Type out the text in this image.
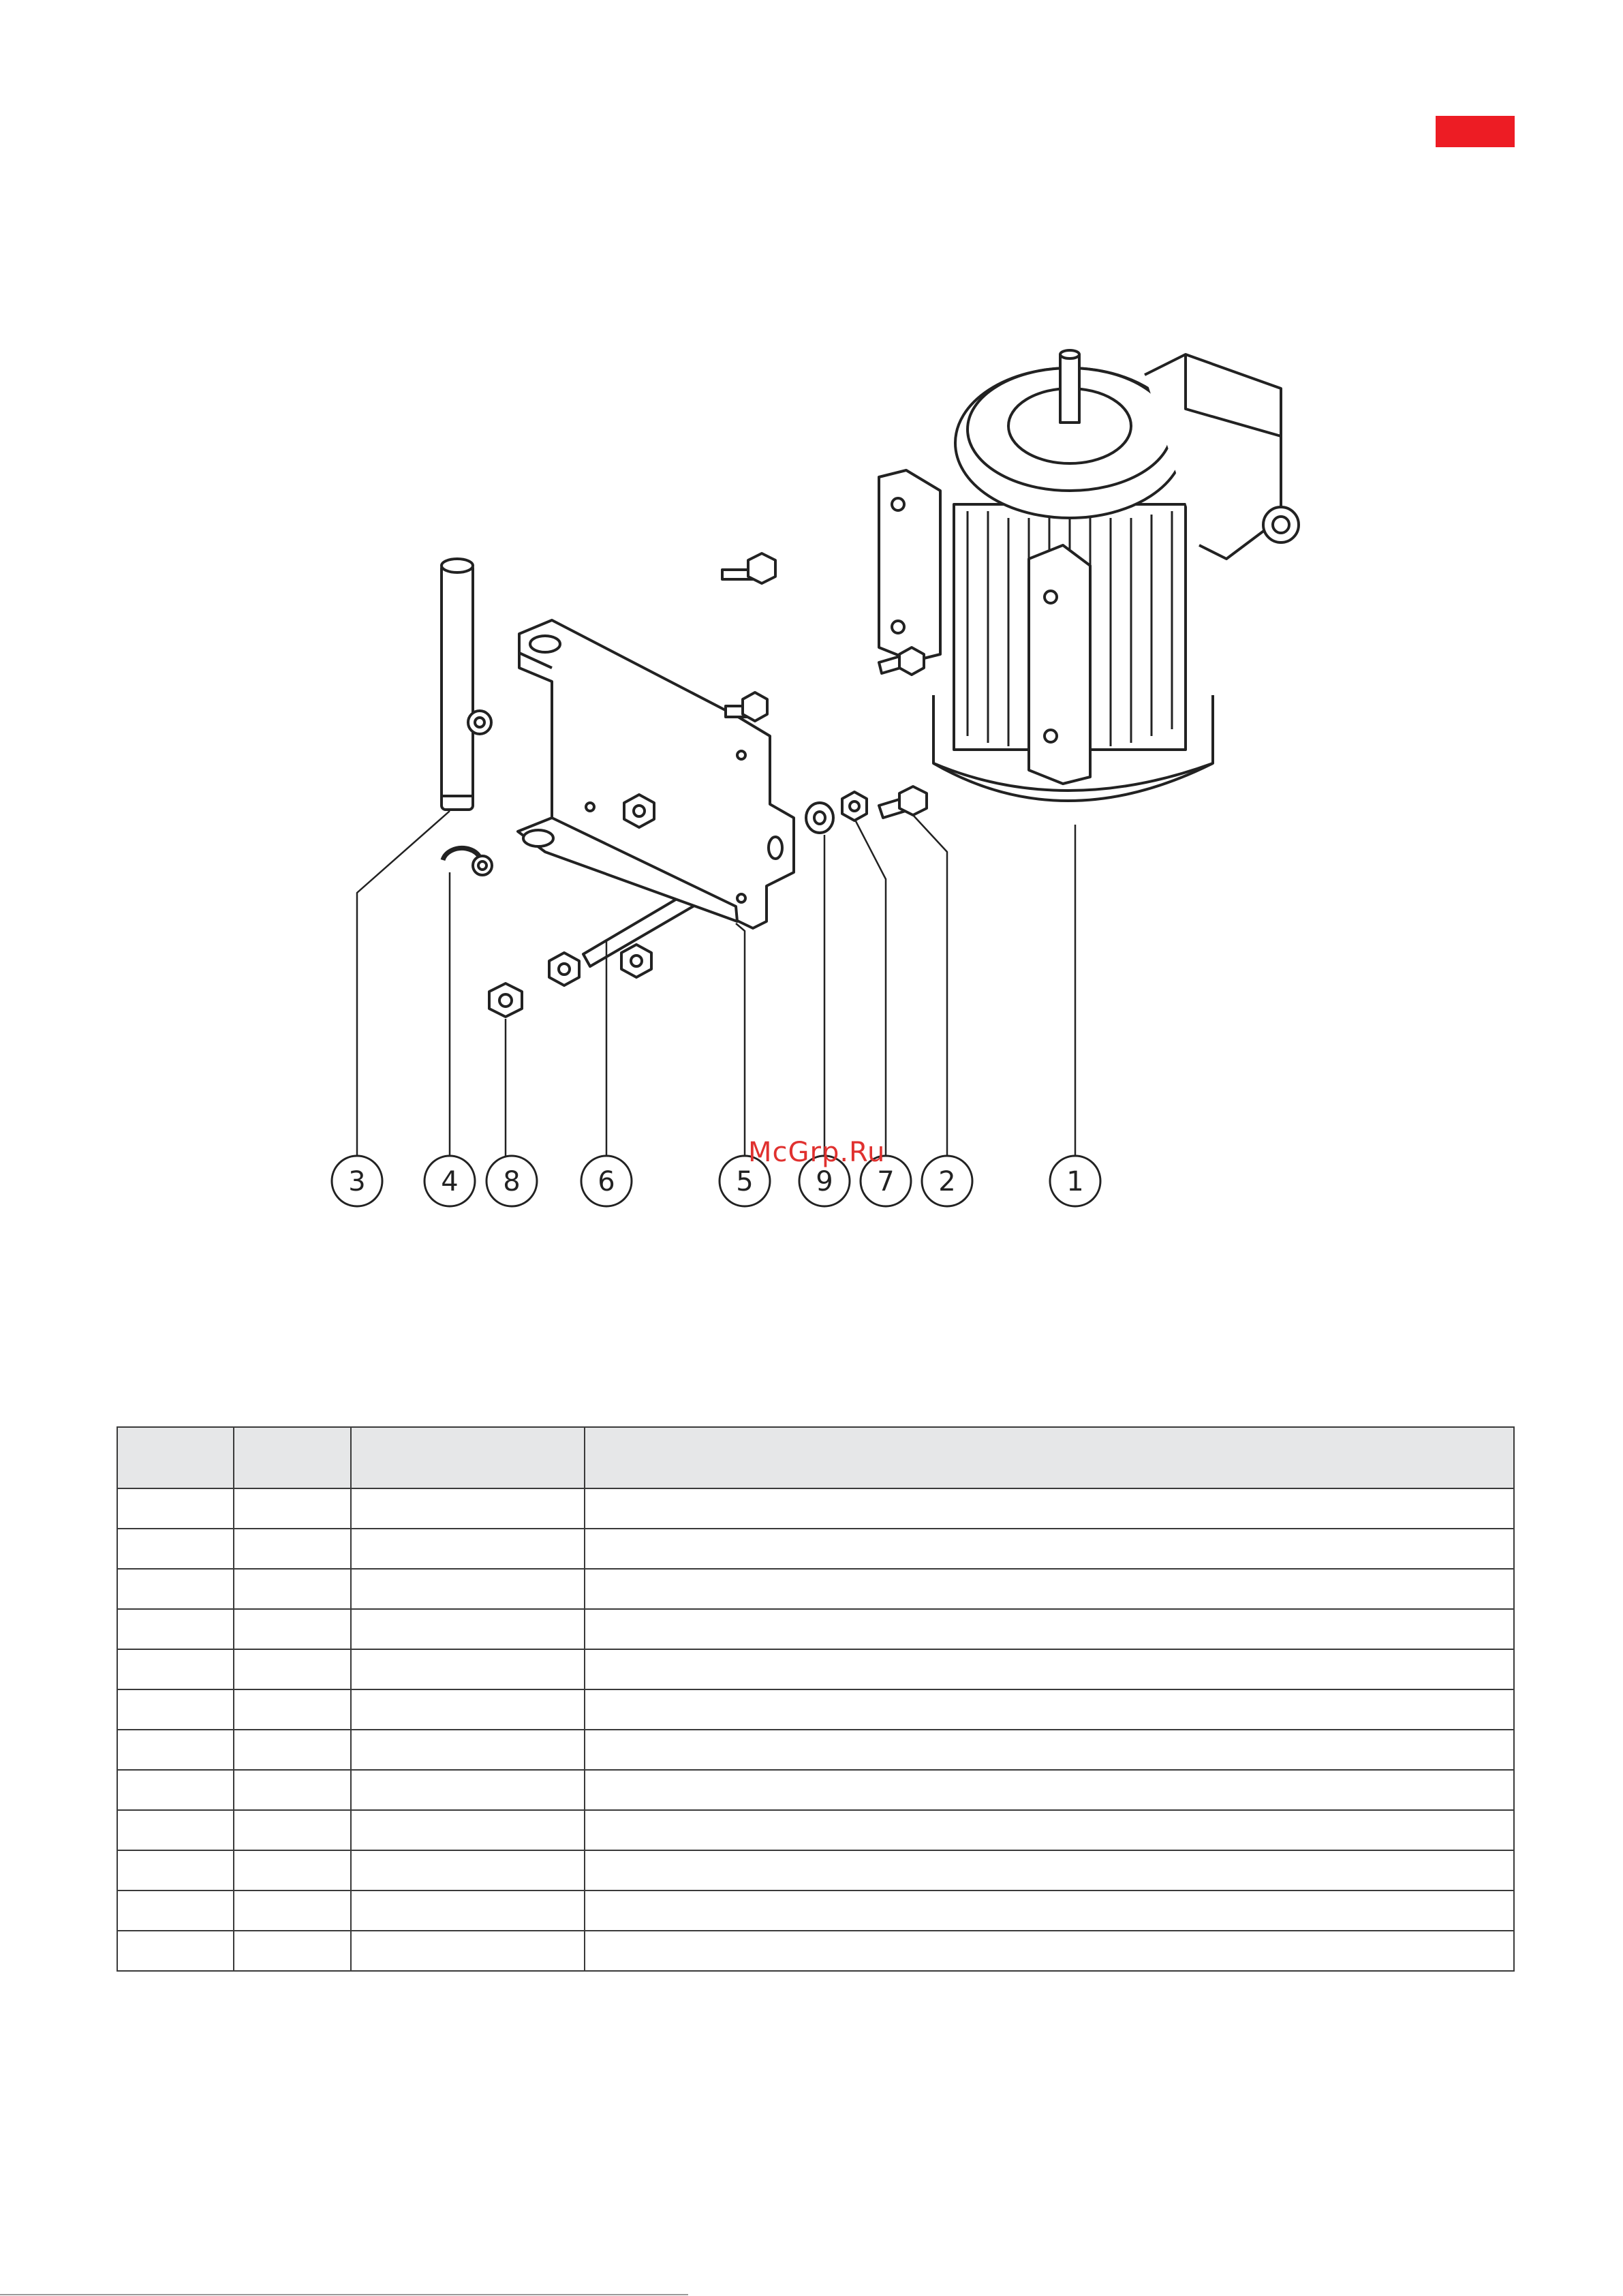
3	4 8	6	5 9 7 2	1
McGrp.Ru
